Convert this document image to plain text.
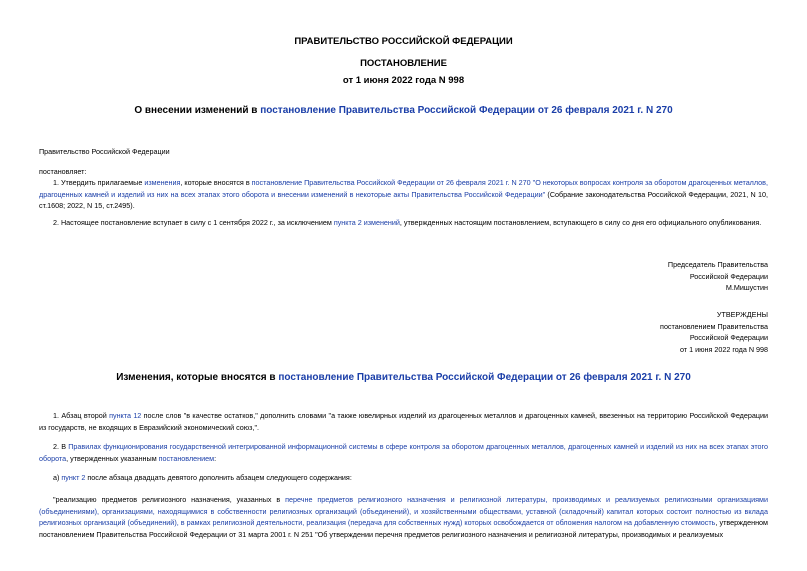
ПРАВИТЕЛЬСТВО РОССИЙСКОЙ ФЕДЕРАЦИИ
ПОСТАНОВЛЕНИЕ
от 1 июня 2022 года N 998
О внесении изменений в постановление Правительства Российской Федерации от 26 февраля 2021 г. N 270
Правительство Российской Федерации
постановляет:
1. Утвердить прилагаемые изменения, которые вносятся в постановление Правительства Российской Федерации от 26 февраля 2021 г. N 270 "О некоторых вопросах контроля за оборотом драгоценных металлов, драгоценных камней и изделий из них на всех этапах этого оборота и внесении изменений в некоторые акты Правительства Российской Федерации" (Собрание законодательства Российской Федерации, 2021, N 10, ст.1608; 2022, N 15, ст.2495).
2. Настоящее постановление вступает в силу с 1 сентября 2022 г., за исключением пункта 2 изменений, утвержденных настоящим постановлением, вступающего в силу со дня его официального опубликования.
Председатель Правительства
Российской Федерации
М.Мишустин
УТВЕРЖДЕНЫ
постановлением Правительства
Российской Федерации
от 1 июня 2022 года N 998
Изменения, которые вносятся в постановление Правительства Российской Федерации от 26 февраля 2021 г. N 270
1. Абзац второй пункта 12 после слов "в качестве остатков," дополнить словами "а также ювелирных изделий из драгоценных металлов и драгоценных камней, ввезенных на территорию Российской Федерации из государств, не входящих в Евразийский экономический союз,".
2. В Правилах функционирования государственной интегрированной информационной системы в сфере контроля за оборотом драгоценных металлов, драгоценных камней и изделий из них на всех этапах этого оборота, утвержденных указанным постановлением:
а) пункт 2 после абзаца двадцать девятого дополнить абзацем следующего содержания:
"реализацию предметов религиозного назначения, указанных в перечне предметов религиозного назначения и религиозной литературы, производимых и реализуемых религиозными организациями (объединениями), организациями, находящимися в собственности религиозных организаций (объединений), и хозяйственными обществами, уставной (складочный) капитал которых состоит полностью из вклада религиозных организаций (объединений), в рамках религиозной деятельности, реализация (передача для собственных нужд) которых освобождается от обложения налогом на добавленную стоимость, утвержденном постановлением Правительства Российской Федерации от 31 марта 2001 г. N 251 "Об утверждении перечня предметов религиозного назначения и религиозной литературы, производимых и реализуемых
